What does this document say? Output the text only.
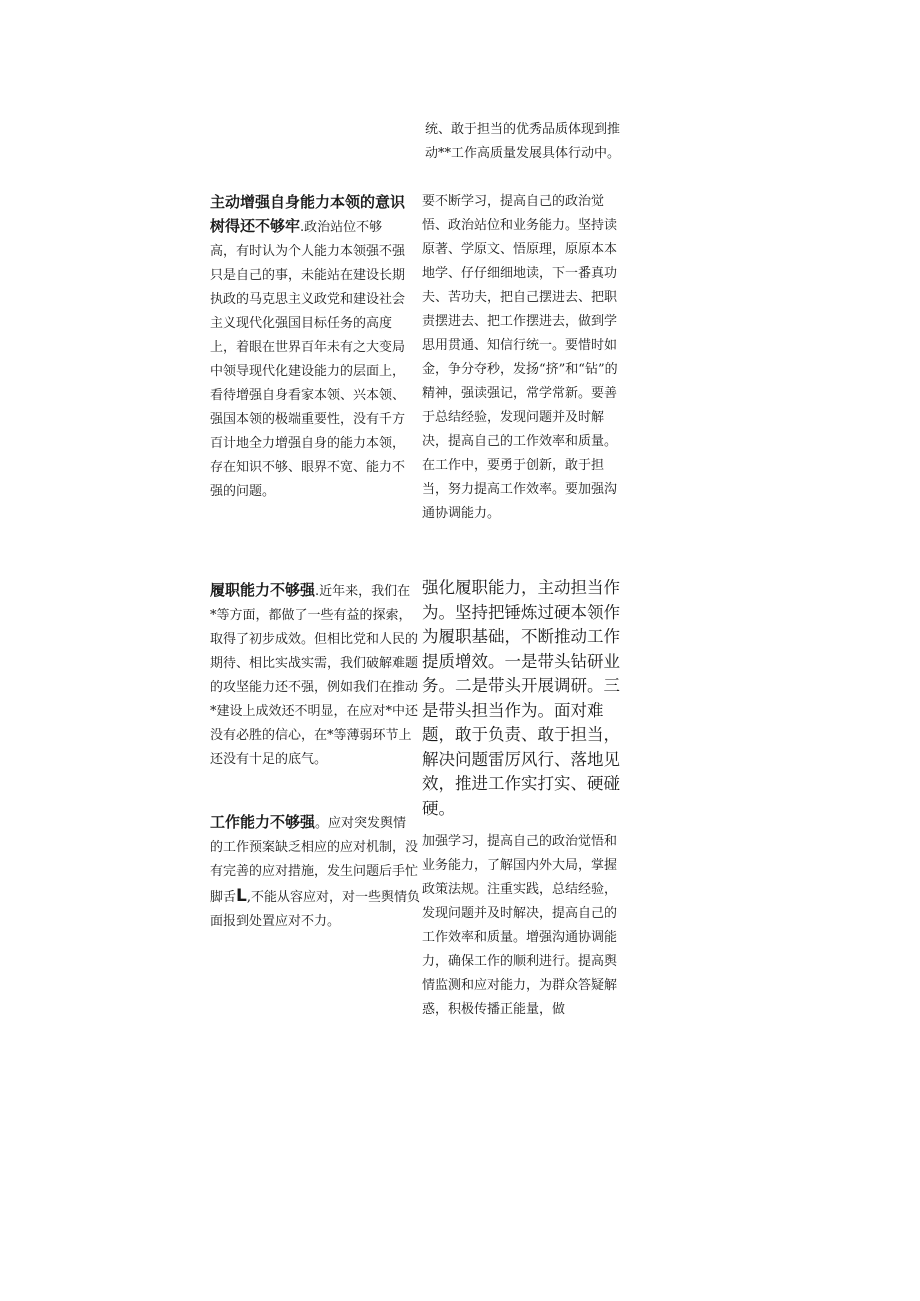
统、敢于担当的优秀品质体现到推动**工作高质量发展具体行动中。

主动增强自身能力本领的意识
树得还不够牢.政治站位不够

高，有时认为个人能力本领强不强只是自己的事，未能站在建设长期执政的马克思主义政党和建设社会主义现代化强国目标任务的高度上，着眼在世界百年未有之大变局中领导现代化建设能力的层面上，看待增强自身看家本领、兴本领、强国本领的极端重要性，没有千方百计地全力增强自身的能力本领，存在知识不够、眼界不宽、能力不强的问题。

要不断学习，提高自己的政治觉悟、政治站位和业务能力。坚持读原著、学原文、悟原理，原原本本地学、仔仔细细地读，下一番真功夫、苦功夫，把自己摆进去、把职责摆进去、把工作摆进去，做到学思用贯通、知信行统一。要惜时如金，争分夺秒，发扬“挤”和“钻”的精神，强读强记，常学常新。要善于总结经验，发现问题并及时解决，提高自己的工作效率和质量。在工作中，要勇于创新，敢于担当，努力提高工作效率。要加强沟通协调能力。

履职能力不够强.近年来，我们在

*等方面，都做了一些有益的探索，取得了初步成效。但相比党和人民的期待、相比实战实需，我们破解难题的攻坚能力还不强，例如我们在推动*建设上成效还不明显，在应对*中还没有必胜的信心，在*等薄弱环节上还没有十足的底气。

强化履职能力，主动担当作为。坚持把锤炼过硬本领作为履职基础，不断推动工作提质增效。一是带头钻研业务。二是带头开展调研。三是带头担当作为。面对难题，敢于负责、敢于担当，解决问题雷厉风行、落地见效，推进工作实打实、硬碰硬。

工作能力不够强。应对突发舆情

的工作预案缺乏相应的应对机制，没有完善的应对措施，发生问题后手忙脚舌L,不能从容应对，对一些舆情负面报到处置应对不力。

加强学习，提高自己的政治觉悟和业务能力，了解国内外大局，掌握政策法规。注重实践，总结经验，发现问题并及时解决，提高自己的工作效率和质量。增强沟通协调能力，确保工作的顺利进行。提高舆情监测和应对能力，为群众答疑解惑，积极传播正能量，做
